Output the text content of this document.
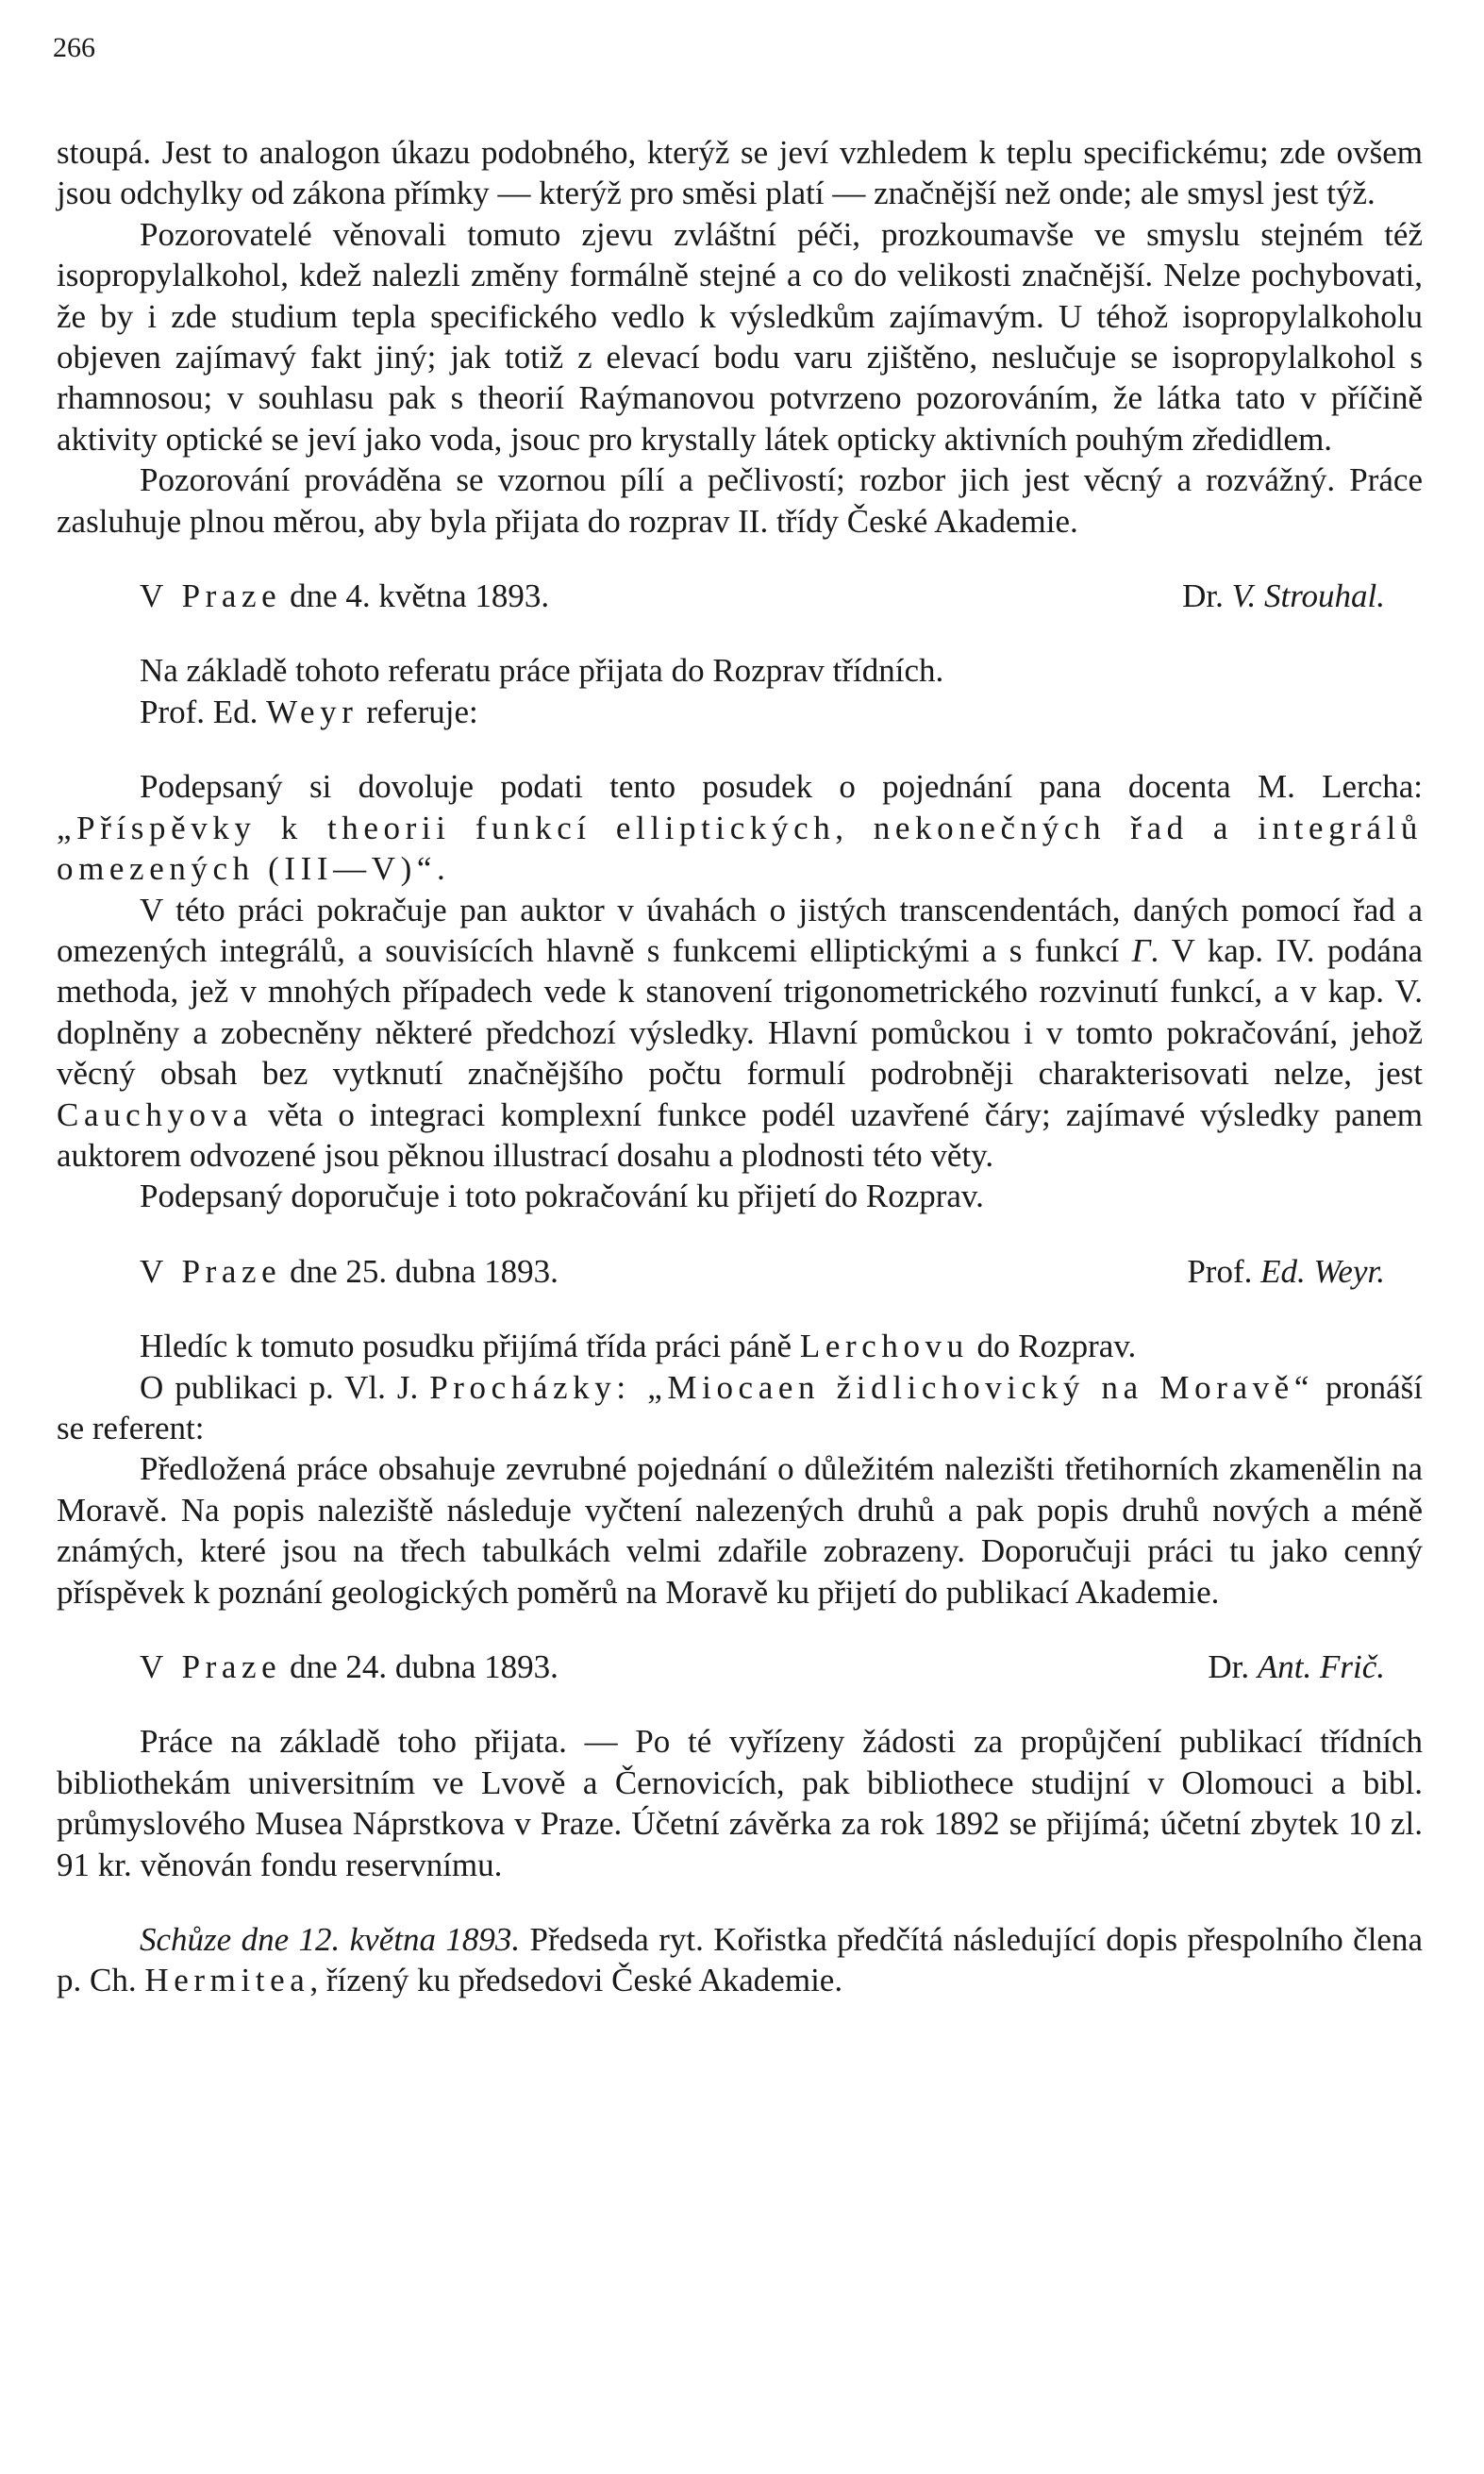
266

stoupá. Jest to analogon úkazu podobného, kterýž se jeví vzhledem k teplu specifickému; zde ovšem jsou odchylky od zákona přímky — kterýž pro směsi platí — značnější než onde; ale smysl jest týž.

Pozorovatelé věnovali tomuto zjevu zvláštní péči, prozkoumavše ve smyslu stejném též isopropylalkohol, kdež nalezli změny formálně stejné a co do velikosti značnější. Nelze pochybovati, že by i zde studium tepla specifického vedlo k výsledkům zajímavým. U téhož isopropylalkoholu objeven zajímavý fakt jiný; jak totiž z elevací bodu varu zjištěno, neslučuje se isopropylalkohol s rhamnosou; v souhlasu pak s theorií Raýmanovou potvrzeno pozorováním, že látka tato v příčině aktivity optické se jeví jako voda, jsouc pro krystally látek opticky aktivních pouhým zředidlem.

Pozorování prováděna se vzornou pílí a pečlivostí; rozbor jich jest věcný a rozvážný. Práce zasluhuje plnou měrou, aby byla přijata do rozprav II. třídy České Akademie.

V Praze dne 4. května 1893.	Dr. V. Strouhal.

Na základě tohoto referatu práce přijata do Rozprav třídních.

Prof. Ed. Weyr referuje:

Podepsaný si dovoluje podati tento posudek o pojednání pana docenta M. Lercha: „Příspěvky k theorii funkcí elliptických, nekonečných řad a integrálů omezených (III—V)“.

V této práci pokračuje pan auktor v úvahách o jistých transcendentách, daných pomocí řad a omezených integrálů, a souvisících hlavně s funkcemi elliptickými a s funkcí Γ. V kap. IV. podána methoda, jež v mnohých případech vede k stanovení trigonometrického rozvinutí funkcí, a v kap. V. doplněny a zobecněny některé předchozí výsledky. Hlavní pomůckou i v tomto pokračování, jehož věcný obsah bez vytknutí značnějšího počtu formulí podrobněji charakterisovati nelze, jest Cauchyova věta o integraci komplexní funkce podél uzavřené čáry; zajímavé výsledky panem auktorem odvozené jsou pěknou illustrací dosahu a plodnosti této věty.

Podepsaný doporučuje i toto pokračování ku přijetí do Rozprav.

V Praze dne 25. dubna 1893.	Prof. Ed. Weyr.

Hledíc k tomuto posudku přijímá třída práci páně Lerchovu do Rozprav.

O publikaci p. Vl. J. Procházky: „Miocaen židlichovický na Moravě“ pronáší se referent:

Předložená práce obsahuje zevrubné pojednání o důležitém nalezišti třetihorních zkamenělin na Moravě. Na popis naleziště následuje vyčtení nalezených druhů a pak popis druhů nových a méně známých, které jsou na třech tabulkách velmi zdařile zobrazeny. Doporučuji práci tu jako cenný příspěvek k poznání geologických poměrů na Moravě ku přijetí do publikací Akademie.

V Praze dne 24. dubna 1893.	Dr. Ant. Frič.

Práce na základě toho přijata. — Po té vyřízeny žádosti za propůjčení publikací třídních bibliothekám universitním ve Lvově a Černovicích, pak bibliothece studijní v Olomouci a bibl. průmyslového Musea Náprstkova v Praze. Účetní závěrka za rok 1892 se přijímá; účetní zbytek 10 zl. 91 kr. věnován fondu reservnímu.

Schůze dne 12. května 1893. Předseda ryt. Kořistka předčítá následující dopis přespolního člena p. Ch. Hermitea, řízený ku předsedovi České Akademie.
